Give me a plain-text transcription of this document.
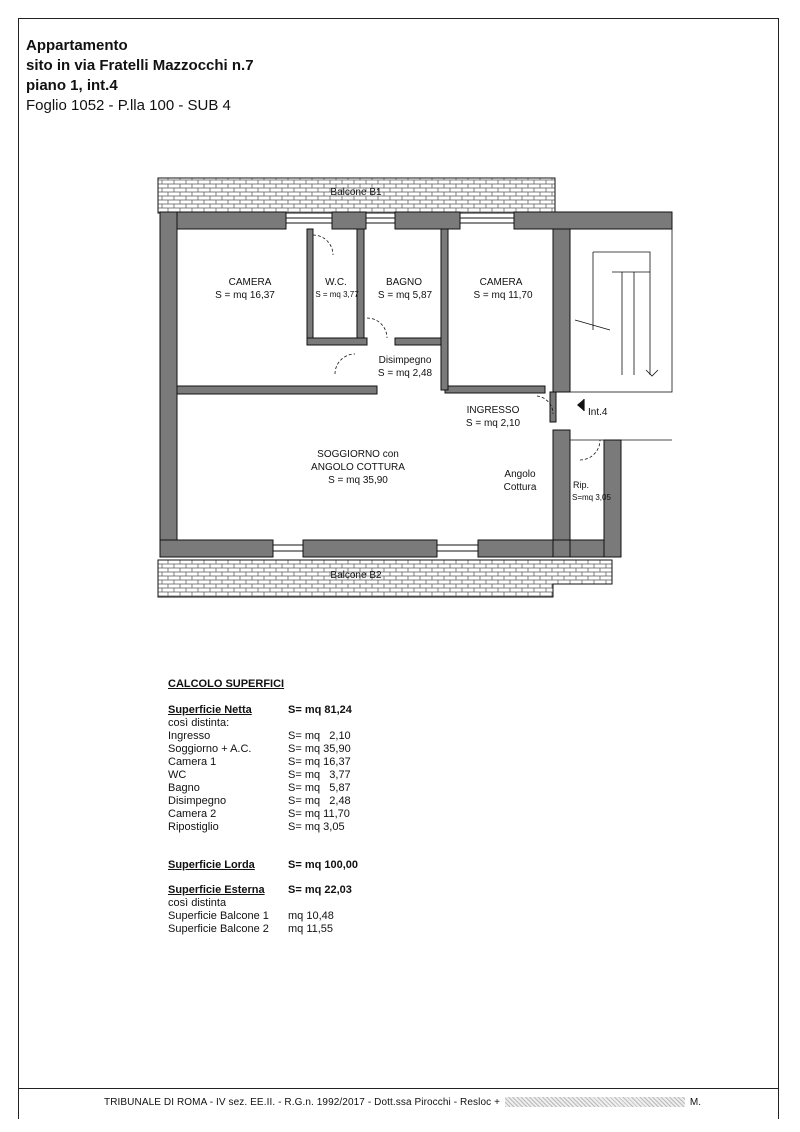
Appartamento
sito in via Fratelli Mazzocchi n.7
piano 1, int.4
Foglio 1052 - P.lla 100 - SUB 4
Balcone B1
Balcone B2
CAMERA
S = mq 16,37
W.C.
S = mq 3,77
BAGNO
S = mq 5,87
CAMERA
S = mq 11,70
Disimpegno
S = mq 2,48
INGRESSO
S = mq 2,10
SOGGIORNO con
ANGOLO COTTURA
S = mq 35,90
Angolo
Cottura	Rip.
S=mq 3,05
Int.4
CALCOLO SUPERFICI
Superficie Netta	S= mq 81,24
così distinta:
Ingresso	S= mq   2,10
Soggiorno + A.C.	S= mq 35,90
Camera 1	S= mq 16,37
WC	S= mq   3,77
Bagno	S= mq   5,87
Disimpegno	S= mq   2,48
Camera 2	S= mq 11,70
Ripostiglio	S= mq 3,05
Superficie Lorda	S= mq 100,00
Superficie Esterna S= mq 22,03
così distinta
Superficie Balcone 1 mq 10,48
Superficie Balcone 2 mq 11,55
TRIBUNALE DI ROMA - IV sez. EE.II. - R.G.n. 1992/2017 - Dott.ssa Pirocchi - Resloc +	M.
